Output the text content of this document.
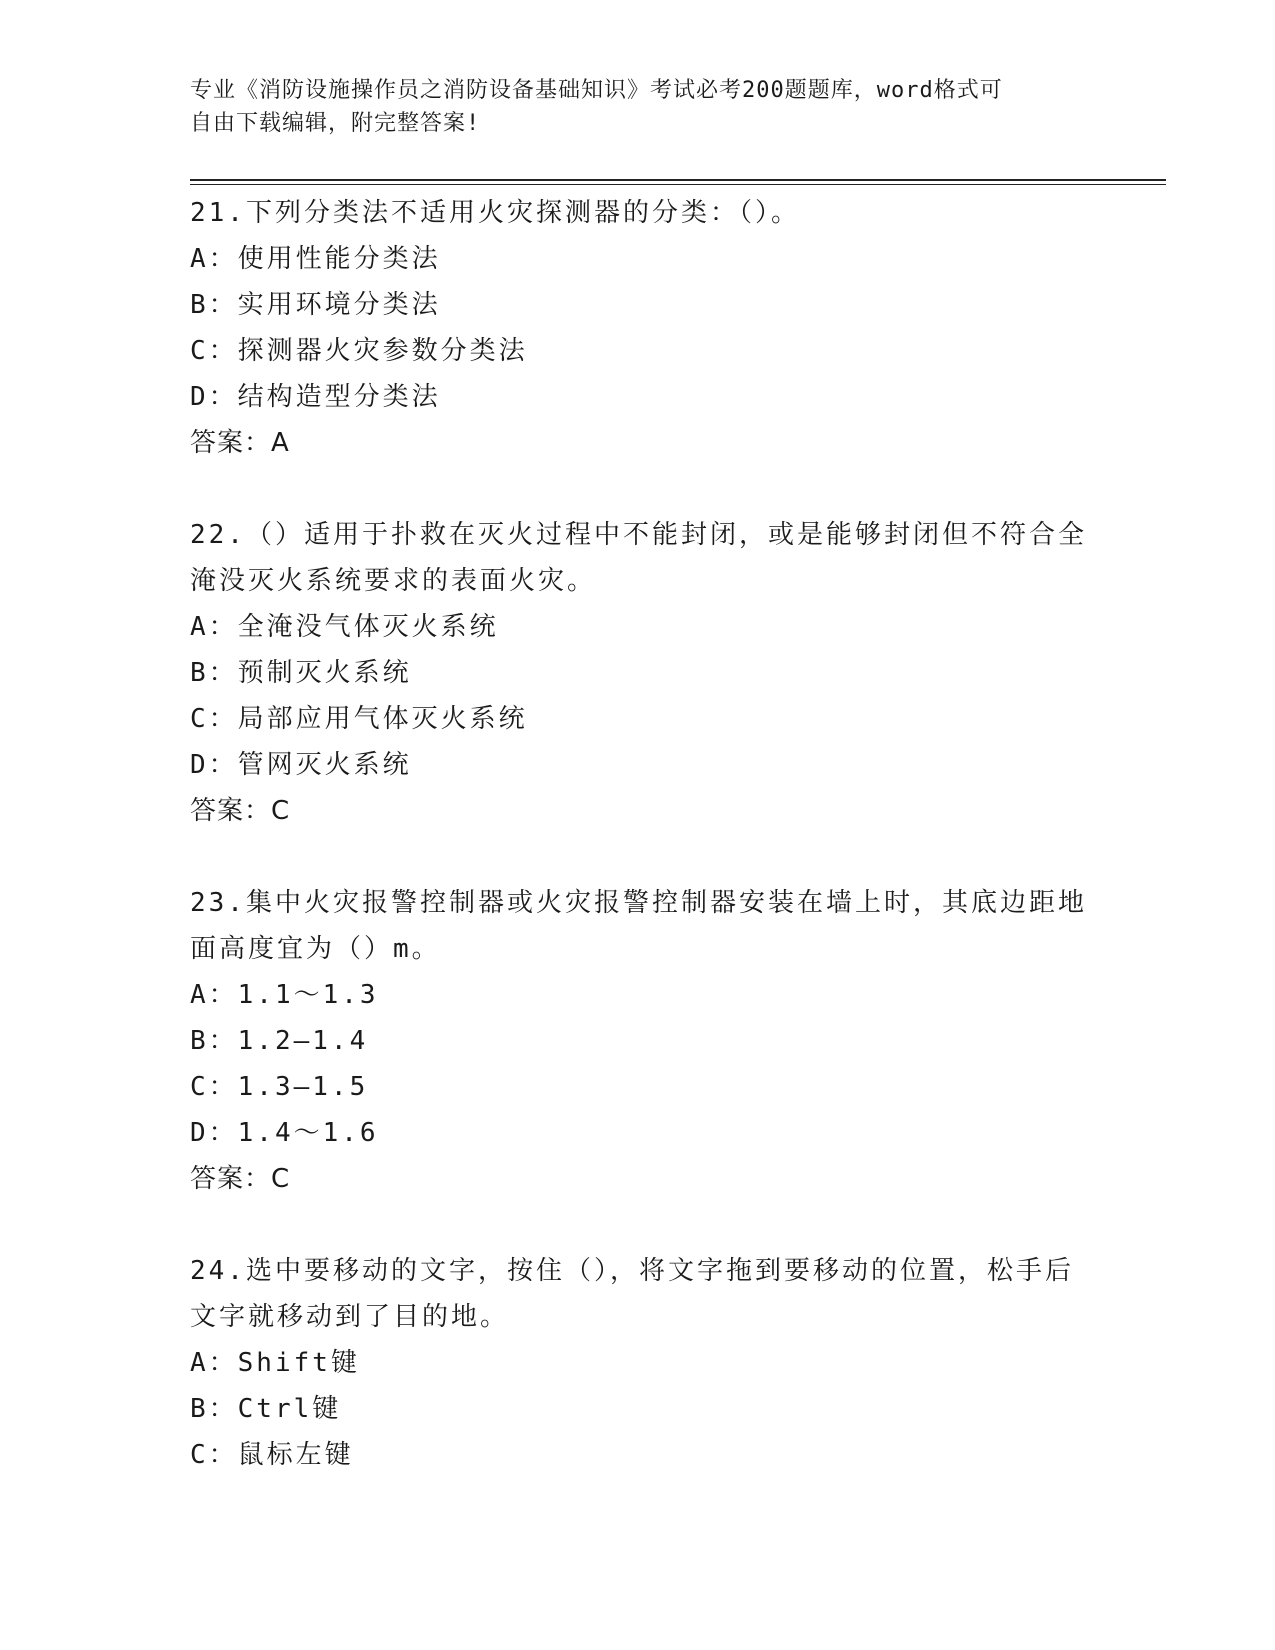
专业《消防设施操作员之消防设备基础知识》考试必考200题题库，word格式可
自由下载编辑，附完整答案!
21.下列分类法不适用火灾探测器的分类：（）。
A：使用性能分类法
B：实用环境分类法
C：探测器火灾参数分类法
D：结构造型分类法
答案：A
22.（）适用于扑救在灭火过程中不能封闭，或是能够封闭但不符合全淹没灭火系统要求的表面火灾。
A：全淹没气体灭火系统
B：预制灭火系统
C：局部应用气体灭火系统
D：管网灭火系统
答案：C
23.集中火灾报警控制器或火灾报警控制器安装在墙上时，其底边距地面高度宜为（）m。
A：1.1～1.3
B：1.2—1.4
C：1.3—1.5
D：1.4～1.6
答案：C
24.选中要移动的文字，按住（），将文字拖到要移动的位置，松手后文字就移动到了目的地。
A：Shift键
B：Ctrl键
C：鼠标左键
